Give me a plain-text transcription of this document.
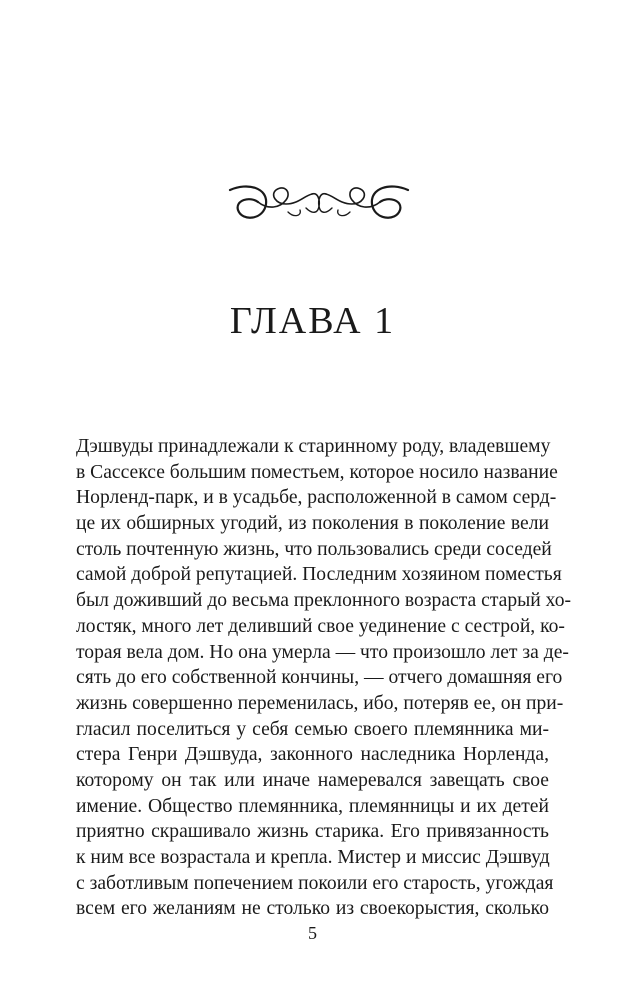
ГЛАВА 1
Дэшвуды принадлежали к старинному роду, владевшему
в Сассексе большим поместьем, которое носило название
Норленд-парк, и в усадьбе, расположенной в самом серд-
це их обширных угодий, из поколения в поколение вели
столь почтенную жизнь, что пользовались среди соседей
самой доброй репутацией. Последним хозяином поместья
был доживший до весьма преклонного возраста старый хо-
лостяк, много лет деливший свое уединение с сестрой, ко-
торая вела дом. Но она умерла — что произошло лет за де-
сять до его собственной кончины, — отчего домашняя его
жизнь совершенно переменилась, ибо, потеряв ее, он при-
гласил поселиться у себя семью своего племянника ми-
стера Генри Дэшвуда, законного наследника Норленда,
которому он так или иначе намеревался завещать свое
имение. Общество племянника, племянницы и их детей
приятно скрашивало жизнь старика. Его привязанность
к ним все возрастала и крепла. Мистер и миссис Дэшвуд
с заботливым попечением покоили его старость, угождая
всем его желаниям не столько из своекорыстия, сколько
5
